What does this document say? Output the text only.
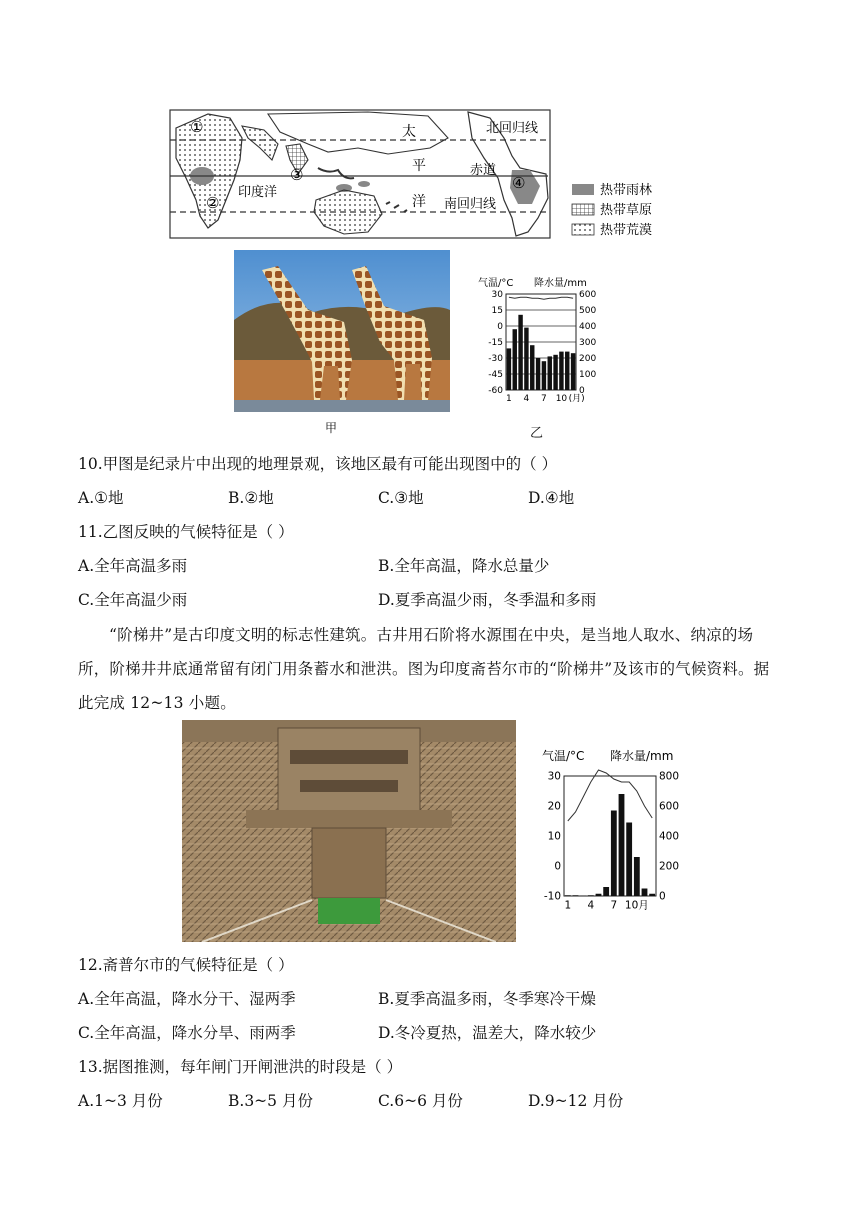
①
②
③	④
太
平
洋
印度洋
北回归线
赤道
南回归线
热带雨林
热带草原
热带荒漠
甲
气温/°C 降水量/mm
30
15
0
-15
-30
-45
-60
600
500
400
300
200
100
0
1 4 7 10 (月)
乙
10.甲图是纪录片中出现的地理景观，该地区最有可能出现图中的（ ）
A.①地	B.②地	C.③地	D.④地
11.乙图反映的气候特征是（ ）
A.全年高温多雨	B.全年高温，降水总量少
C.全年高温少雨	D.夏季高温少雨，冬季温和多雨
“阶梯井”是古印度文明的标志性建筑。古井用石阶将水源围在中央，是当地人取水、纳凉的场所，阶梯井井底通常留有闭门用条蓄水和泄洪。图为印度斋苔尔市的“阶梯井”及该市的气候资料。据此完成 12~13 小题。
气温/°C 降水量/mm
30
20
10
0
-10
800
600
400
200
0
1 4 7 10月
12.斋普尔市的气候特征是（ ）
A.全年高温，降水分干、湿两季	B.夏季高温多雨，冬季寒冷干燥
C.全年高温，降水分旱、雨两季	D.冬冷夏热，温差大，降水较少
13.据图推测，每年闸门开闸泄洪的时段是（ ）
A.1~3 月份	B.3~5 月份	C.6~6 月份	D.9~12 月份
